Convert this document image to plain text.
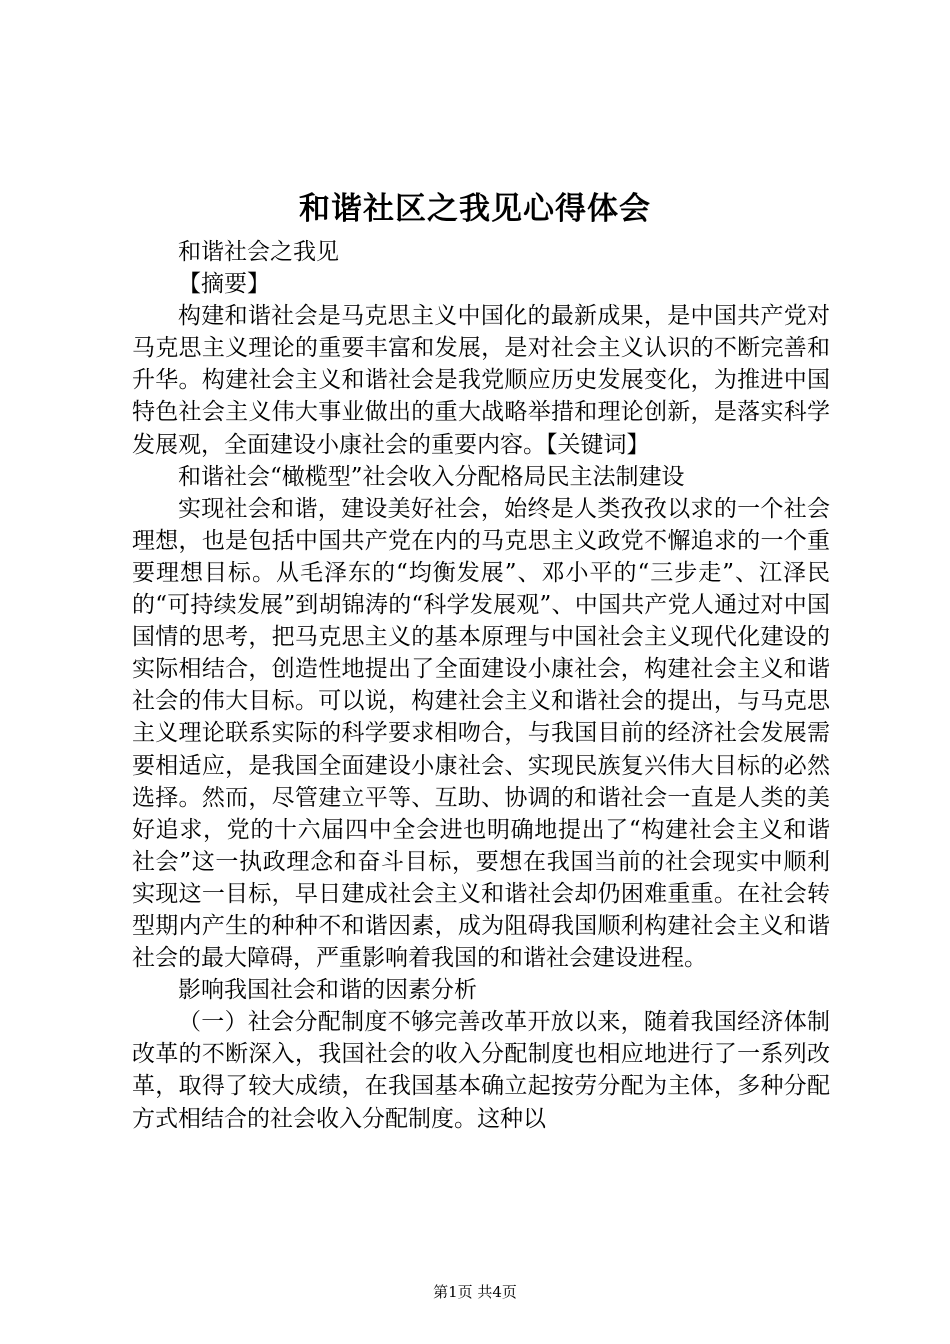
和谐社区之我见心得体会

和谐社会之我见

【摘要】

构建和谐社会是马克思主义中国化的最新成果，是中国共产党对马克思主义理论的重要丰富和发展，是对社会主义认识的不断完善和升华。构建社会主义和谐社会是我党顺应历史发展变化，为推进中国特色社会主义伟大事业做出的重大战略举措和理论创新，是落实科学发展观，全面建设小康社会的重要内容。【关键词】

和谐社会“橄榄型”社会收入分配格局民主法制建设

实现社会和谐，建设美好社会，始终是人类孜孜以求的一个社会理想，也是包括中国共产党在内的马克思主义政党不懈追求的一个重要理想目标。从毛泽东的“均衡发展”、邓小平的“三步走”、江泽民的“可持续发展”到胡锦涛的“科学发展观”、中国共产党人通过对中国国情的思考，把马克思主义的基本原理与中国社会主义现代化建设的实际相结合，创造性地提出了全面建设小康社会，构建社会主义和谐社会的伟大目标。可以说，构建社会主义和谐社会的提出，与马克思主义理论联系实际的科学要求相吻合，与我国目前的经济社会发展需要相适应，是我国全面建设小康社会、实现民族复兴伟大目标的必然选择。然而，尽管建立平等、互助、协调的和谐社会一直是人类的美好追求，党的十六届四中全会进也明确地提出了“构建社会主义和谐社会”这一执政理念和奋斗目标，要想在我国当前的社会现实中顺利实现这一目标，早日建成社会主义和谐社会却仍困难重重。在社会转型期内产生的种种不和谐因素，成为阻碍我国顺利构建社会主义和谐社会的最大障碍，严重影响着我国的和谐社会建设进程。

影响我国社会和谐的因素分析

（一）社会分配制度不够完善改革开放以来，随着我国经济体制改革的不断深入，我国社会的收入分配制度也相应地进行了一系列改革，取得了较大成绩，在我国基本确立起按劳分配为主体，多种分配方式相结合的社会收入分配制度。这种以

第1页 共4页
